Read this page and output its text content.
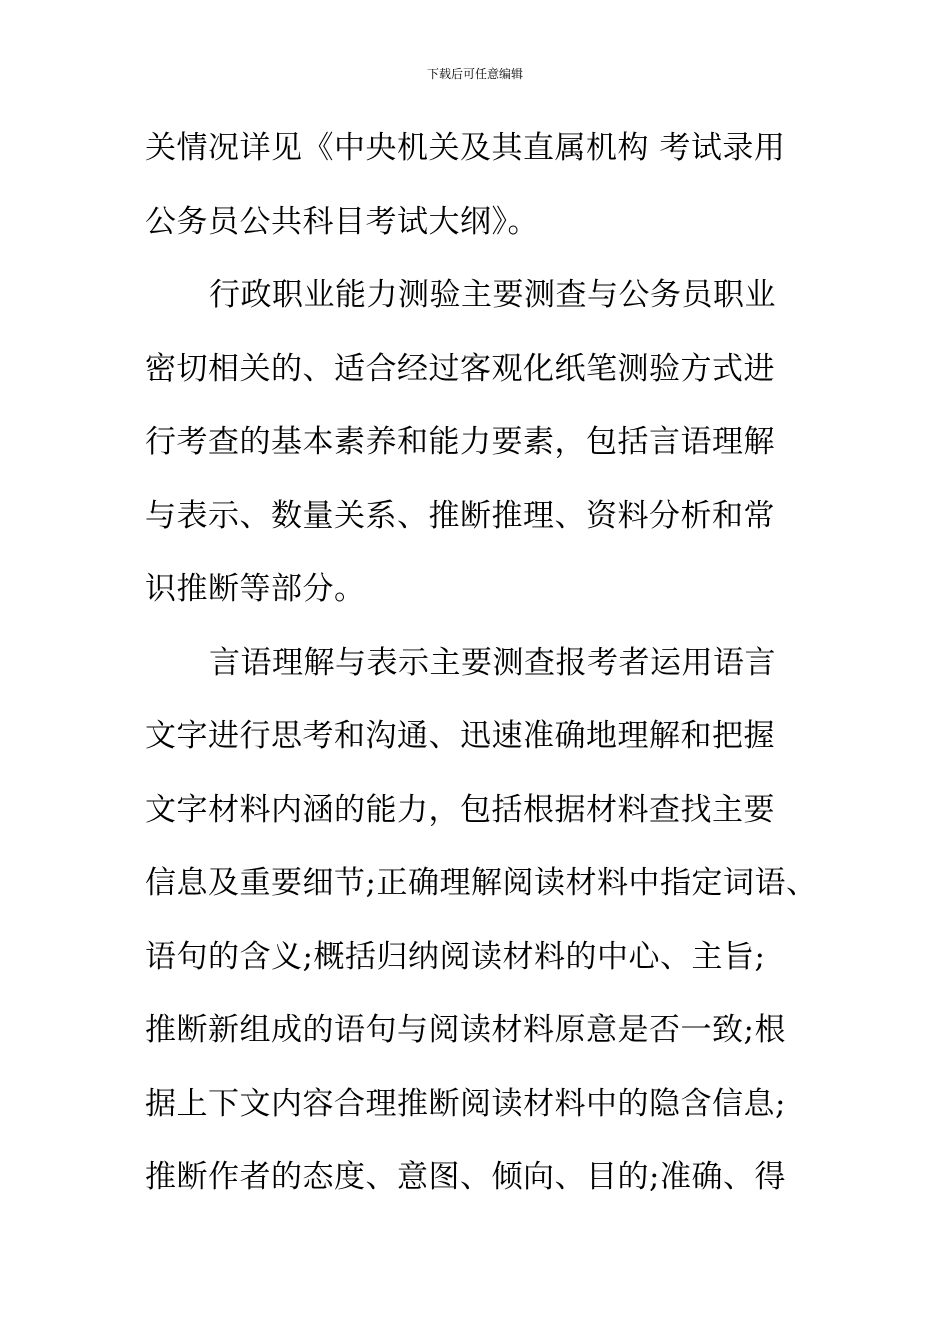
下载后可任意编辑
关情况详见《中央机关及其直属机构 考试录用
公务员公共科目考试大纲》。
行政职业能力测验主要测查与公务员职业
密切相关的、适合经过客观化纸笔测验方式进
行考查的基本素养和能力要素，包括言语理解
与表示、数量关系、推断推理、资料分析和常
识推断等部分。
言语理解与表示主要测查报考者运用语言
文字进行思考和沟通、迅速准确地理解和把握
文字材料内涵的能力，包括根据材料查找主要
信息及重要细节;正确理解阅读材料中指定词语、
语句的含义;概括归纳阅读材料的中心、主旨;
推断新组成的语句与阅读材料原意是否一致;根
据上下文内容合理推断阅读材料中的隐含信息;
推断作者的态度、意图、倾向、目的;准确、得
